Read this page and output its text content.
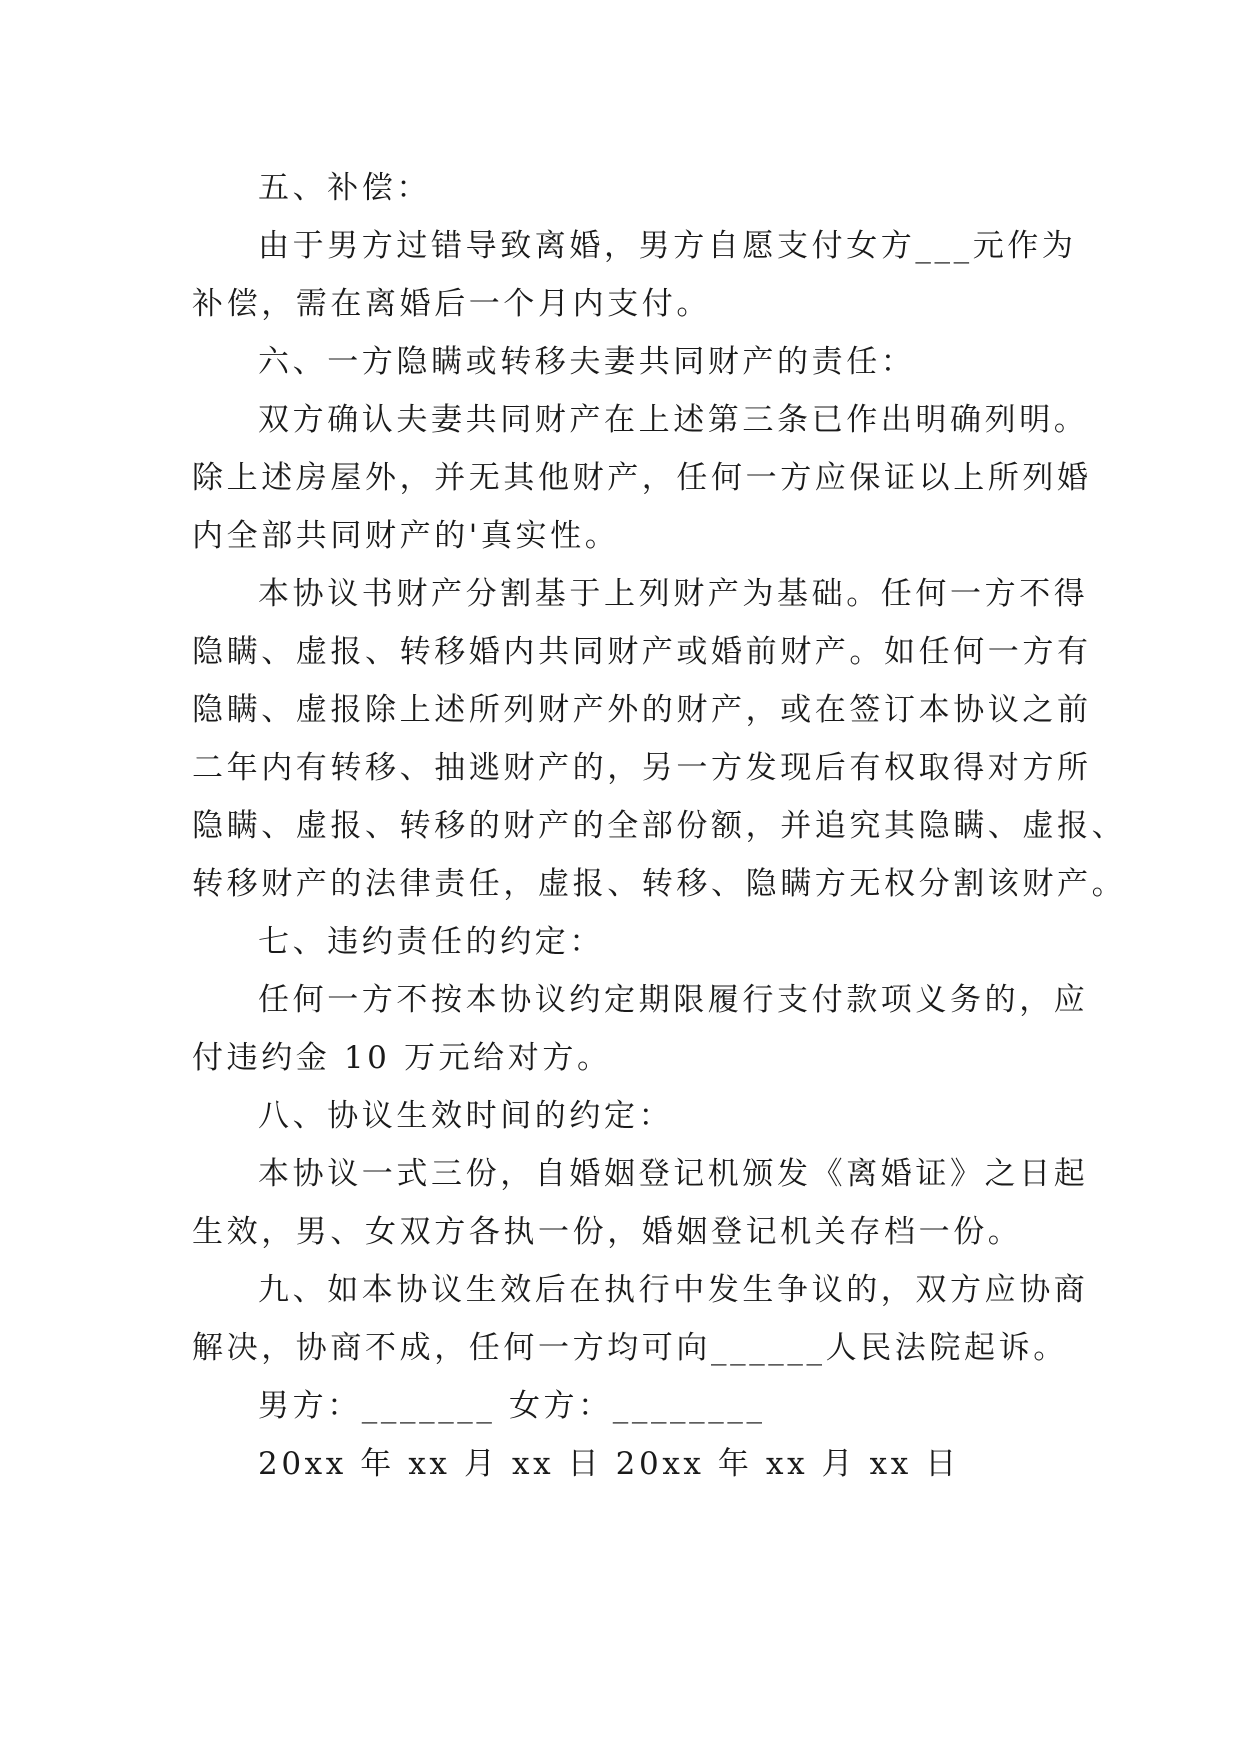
五、补偿：
由于男方过错导致离婚，男方自愿支付女方___元作为
补偿，需在离婚后一个月内支付。
六、一方隐瞒或转移夫妻共同财产的责任：
双方确认夫妻共同财产在上述第三条已作出明确列明。
除上述房屋外，并无其他财产，任何一方应保证以上所列婚
内全部共同财产的'真实性。
本协议书财产分割基于上列财产为基础。任何一方不得
隐瞒、虚报、转移婚内共同财产或婚前财产。如任何一方有
隐瞒、虚报除上述所列财产外的财产，或在签订本协议之前
二年内有转移、抽逃财产的，另一方发现后有权取得对方所
隐瞒、虚报、转移的财产的全部份额，并追究其隐瞒、虚报、
转移财产的法律责任，虚报、转移、隐瞒方无权分割该财产。
七、违约责任的约定：
任何一方不按本协议约定期限履行支付款项义务的，应
付违约金 10 万元给对方。
八、协议生效时间的约定：
本协议一式三份，自婚姻登记机颁发《离婚证》之日起
生效，男、女双方各执一份，婚姻登记机关存档一份。
九、如本协议生效后在执行中发生争议的，双方应协商
解决，协商不成，任何一方均可向______人民法院起诉。
男方：_______ 女方：________
20xx 年 xx 月 xx 日 20xx 年 xx 月 xx 日
